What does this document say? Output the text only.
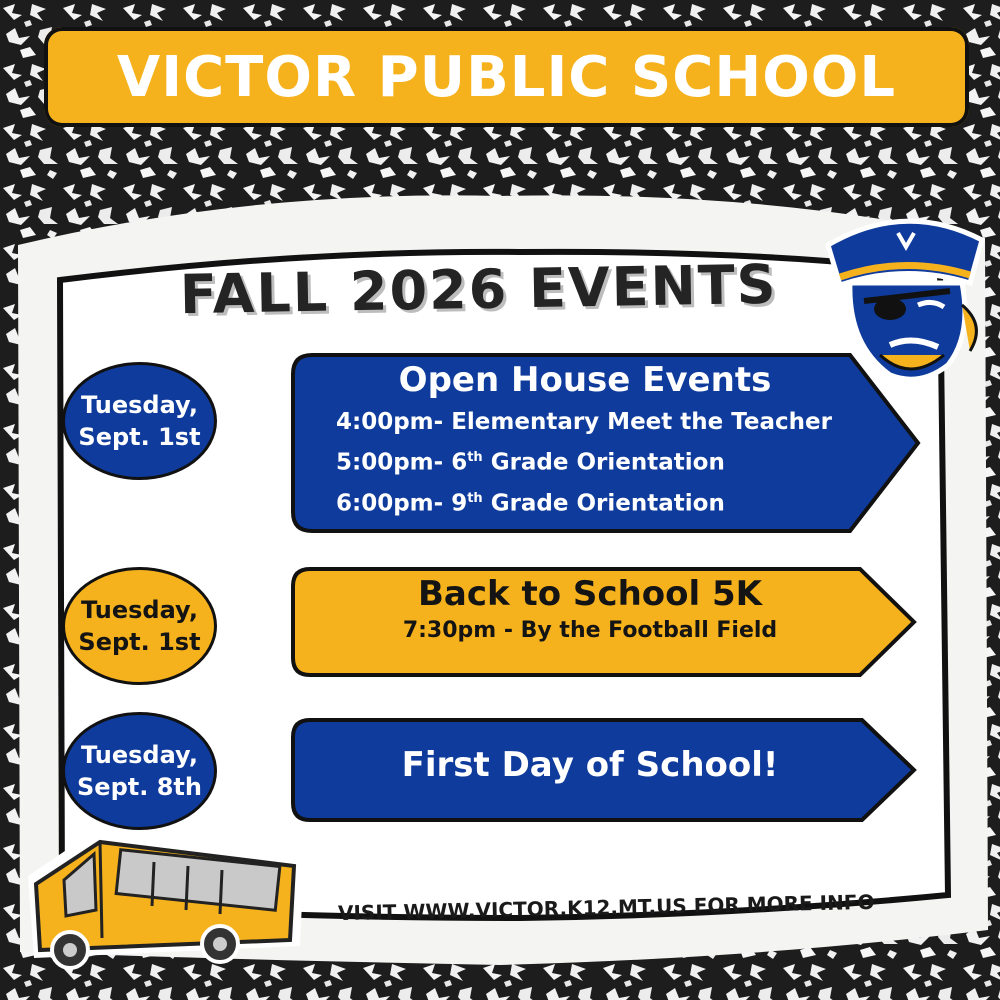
VICTOR PUBLIC SCHOOL
FALL 2026 EVENTS
Tuesday,
Sept. 1st
Open House Events
4:00pm- Elementary Meet the Teacher
5:00pm- 6th Grade Orientation
6:00pm- 9th Grade Orientation
Tuesday,
Sept. 1st
Back to School 5K
7:30pm - By the Football Field
Tuesday,
Sept. 8th
First Day of School!
VISIT WWW.VICTOR.K12.MT.US FOR MORE INFO
